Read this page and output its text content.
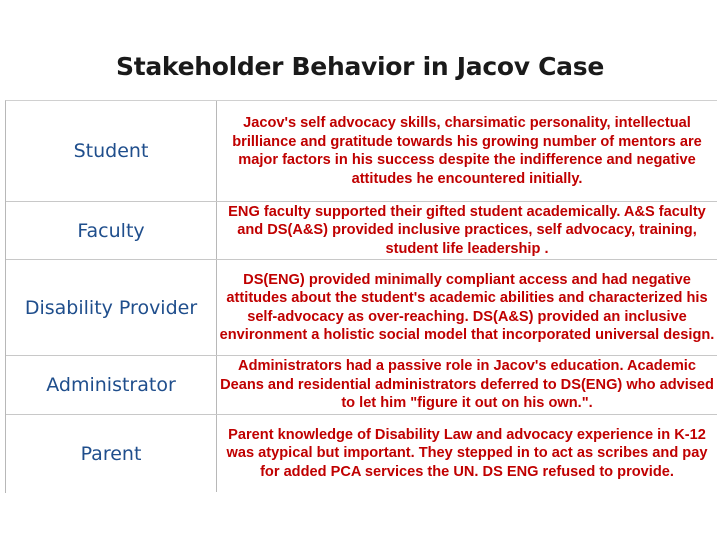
Stakeholder Behavior in Jacov Case
Student
Jacov's self advocacy skills, charsimatic personality, intellectual brilliance and gratitude towards his growing number of mentors are major factors in his success despite the indifference and negative attitudes he encountered initially.
Faculty
ENG faculty supported their gifted student academically. A&S faculty and DS(A&S) provided inclusive practices, self advocacy, training, student life leadership .
Disability Provider
DS(ENG) provided minimally compliant access and had negative attitudes about the student's academic abilities and characterized his self-advocacy as over-reaching. DS(A&S) provided an inclusive environment a holistic social model that incorporated universal design.
Administrator
Administrators had a passive role in Jacov's education. Academic Deans and residential administrators deferred to DS(ENG) who advised to let him "figure it out on his own.".
Parent
Parent knowledge of Disability Law and advocacy experience in K-12 was atypical but important. They stepped in to act as scribes and pay for added PCA services the UN. DS ENG refused to provide.
